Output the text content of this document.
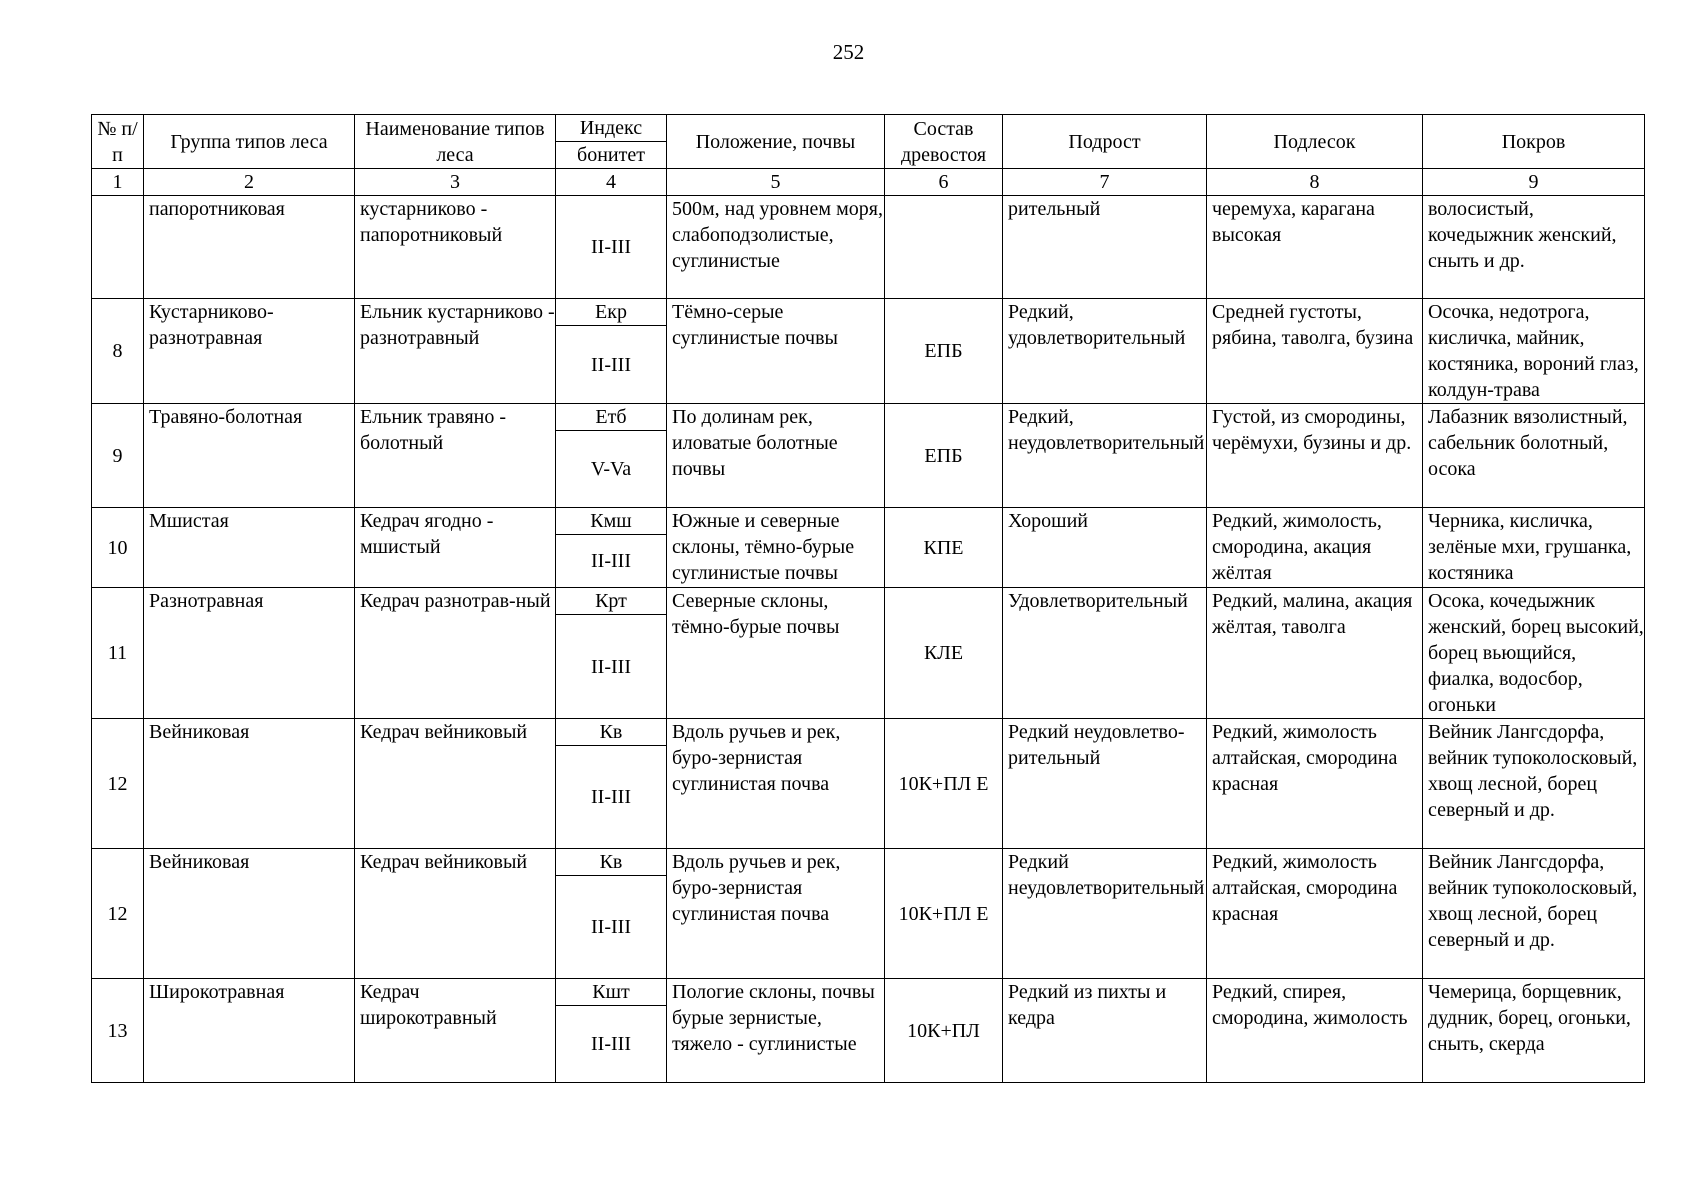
252
№ п/п	Группа типов леса	Наименование типов леса	Индекс	Положение, почвы	Состав древостоя	Подрост	Подлесок	Покров
			бонитет					
1	2	3	4	5	6	7	8	9
	папоротниковая	кустарниково - папоротниковый	II-III	500м, над уровнем моря, слабоподзолистые, суглинистые		рительный	черемуха, карагана высокая	волосистый, кочедыжник женский, сныть и др.
8	Кустарниково-разнотравная	Ельник кустарниково - разнотравный	Екр	Тёмно-серые суглинистые почвы	ЕПБ	Редкий, удовлетворительный	Средней густоты, рябина, таволга, бузина	Осочка, недотрога, кисличка, майник, костяника, вороний глаз, колдун-трава
			II-III					
9	Травяно-болотная	Ельник травяно - болотный	Етб	По долинам рек, иловатые болотные почвы	ЕПБ	Редкий, неудовлетворительный	Густой, из смородины, черёмухи, бузины и др.	Лабазник вязолистный, сабельник болотный, осока
			V-Va					
10	Мшистая	Кедрач ягодно - мшистый	Кмш	Южные и северные склоны, тёмно-бурые суглинистые почвы	КПЕ	Хороший	Редкий, жимолость, смородина, акация жёлтая	Черника, кисличка, зелёные мхи, грушанка, костяника
			II-III					
11	Разнотравная	Кедрач разнотрав-ный	Крт	Северные склоны, тёмно-бурые почвы	КЛЕ	Удовлетворительный	Редкий, малина, акация жёлтая, таволга	Осока, кочедыжник женский, борец высокий, борец вьющийся, фиалка, водосбор, огоньки
			II-III					
12	Вейниковая	Кедрач вейниковый	Кв	Вдоль ручьев и рек, буро-зернистая суглинистая почва	10К+ПЛ Е	Редкий неудовлетво-рительный	Редкий, жимолость алтайская, смородина красная	Вейник Лангсдорфа, вейник тупоколосковый, хвощ лесной, борец северный и др.
			II-III					
12	Вейниковая	Кедрач вейниковый	Кв	Вдоль ручьев и рек, буро-зернистая суглинистая почва	10К+ПЛ Е	Редкий неудовлетворительный	Редкий, жимолость алтайская, смородина красная	Вейник Лангсдорфа, вейник тупоколосковый, хвощ лесной, борец северный и др.
			II-III					
13	Широкотравная	Кедрач широкотравный	Кшт	Пологие склоны, почвы бурые зернистые, тяжело - суглинистые	10К+ПЛ	Редкий из пихты и кедра	Редкий, спирея, смородина, жимолость	Чемерица, борщевник, дудник, борец, огоньки, сныть, скерда
			II-III					
